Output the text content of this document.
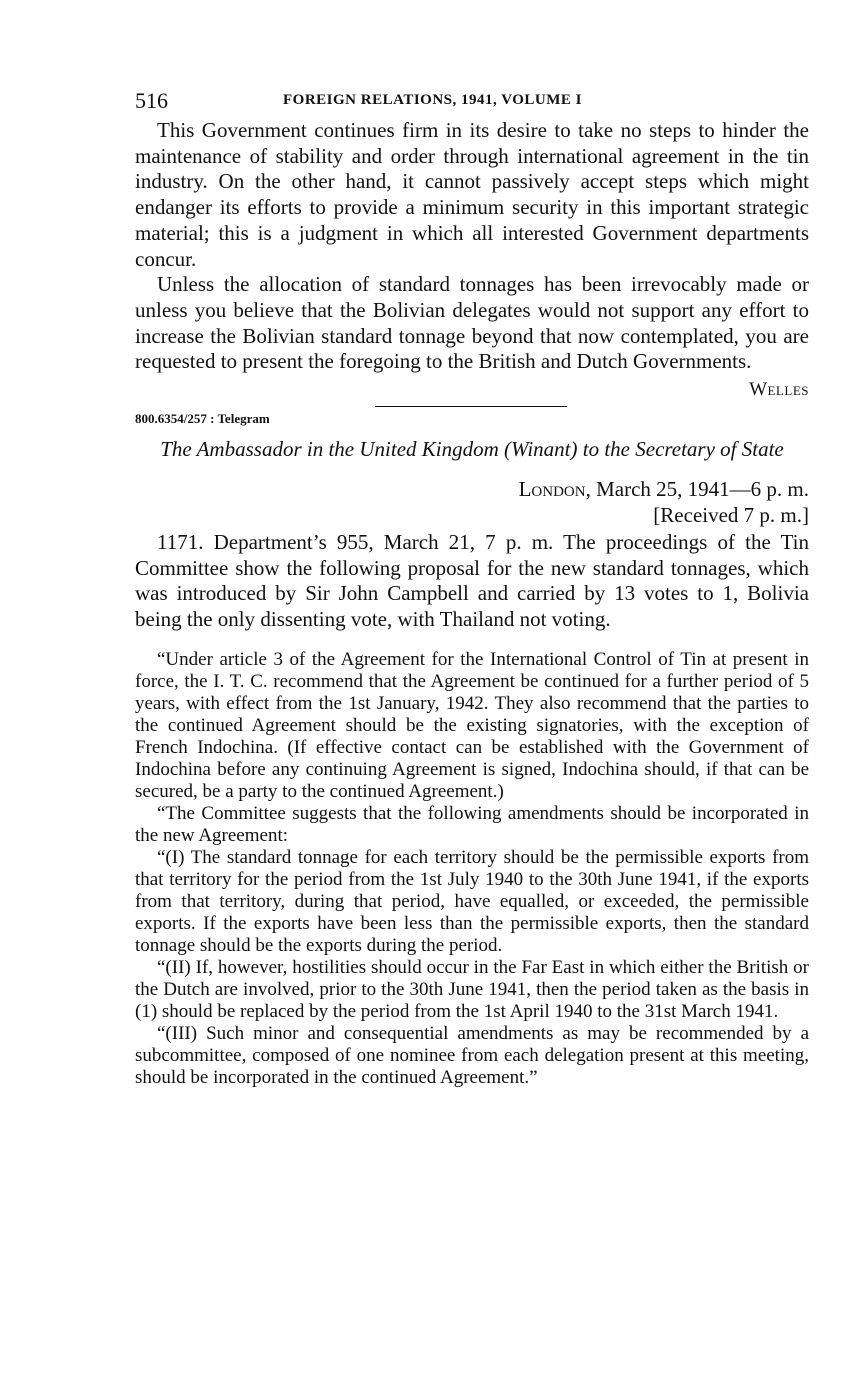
516	FOREIGN RELATIONS, 1941, VOLUME I

This Government continues firm in its desire to take no steps to hinder the maintenance of stability and order through international agreement in the tin industry. On the other hand, it cannot passively accept steps which might endanger its efforts to provide a minimum security in this important strategic material; this is a judgment in which all interested Government departments concur.

Unless the allocation of standard tonnages has been irrevocably made or unless you believe that the Bolivian delegates would not support any effort to increase the Bolivian standard tonnage beyond that now contemplated, you are requested to present the foregoing to the British and Dutch Governments.

Welles
800.6354/257 : Telegram
The Ambassador in the United Kingdom (Winant) to the Secretary of State
London, March 25, 1941—6 p. m.
[Received 7 p. m.]

1171. Department’s 955, March 21, 7 p. m. The proceedings of the Tin Committee show the following proposal for the new standard tonnages, which was introduced by Sir John Campbell and carried by 13 votes to 1, Bolivia being the only dissenting vote, with Thailand not voting.

“Under article 3 of the Agreement for the International Control of Tin at present in force, the I. T. C. recommend that the Agreement be continued for a further period of 5 years, with effect from the 1st January, 1942. They also recommend that the parties to the continued Agreement should be the existing signatories, with the exception of French Indochina. (If effective contact can be established with the Government of Indochina before any continuing Agreement is signed, Indochina should, if that can be secured, be a party to the continued Agreement.)

“The Committee suggests that the following amendments should be incorporated in the new Agreement:

“(I) The standard tonnage for each territory should be the permissible exports from that territory for the period from the 1st July 1940 to the 30th June 1941, if the exports from that territory, during that period, have equalled, or exceeded, the permissible exports. If the exports have been less than the permissible exports, then the standard tonnage should be the exports during the period.

“(II) If, however, hostilities should occur in the Far East in which either the British or the Dutch are involved, prior to the 30th June 1941, then the period taken as the basis in (1) should be replaced by the period from the 1st April 1940 to the 31st March 1941.

“(III) Such minor and consequential amendments as may be recommended by a subcommittee, composed of one nominee from each delegation present at this meeting, should be incorporated in the continued Agreement.”
